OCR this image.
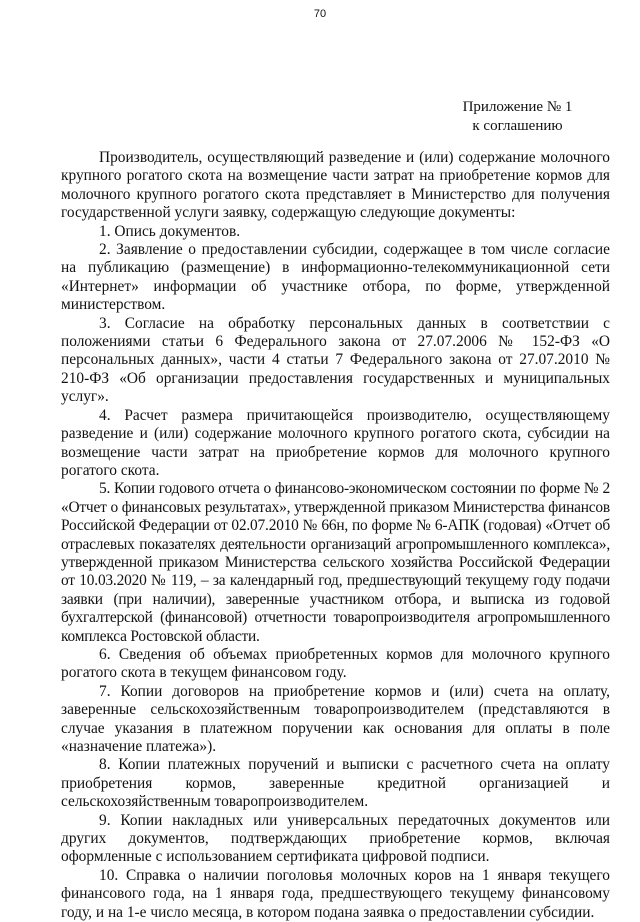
70
Приложение № 1
к соглашению

Производитель, осуществляющий разведение и (или) содержание молочного крупного рогатого скота на возмещение части затрат на приобретение кормов для молочного крупного рогатого скота представляет в Министерство для получения государственной услуги заявку, содержащую следующие документы:

1. Опись документов.

2. Заявление о предоставлении субсидии, содержащее в том числе согласие на публикацию (размещение) в информационно-телекоммуникационной сети «Интернет» информации об участнике отбора, по форме, утвержденной министерством.

3. Согласие на обработку персональных данных в соответствии с положениями статьи 6 Федерального закона от 27.07.2006 № 152-ФЗ «О персональных данных», части 4 статьи 7 Федерального закона от 27.07.2010 № 210-ФЗ «Об организации предоставления государственных и муниципальных услуг».

4. Расчет размера причитающейся производителю, осуществляющему разведение и (или) содержание молочного крупного рогатого скота, субсидии на возмещение части затрат на приобретение кормов для молочного крупного рогатого скота.

5. Копии годового отчета о финансово-экономическом состоянии по форме № 2 «Отчет о финансовых результатах», утвержденной приказом Министерства финансов Российской Федерации от 02.07.2010 № 66н, по форме № 6-АПК (годовая) «Отчет об отраслевых показателях деятельности организаций агропромышленного комплекса», утвержденной приказом Министерства сельского хозяйства Российской Федерации от 10.03.2020 № 119, – за календарный год, предшествующий текущему году подачи заявки (при наличии), заверенные участником отбора, и выписка из годовой бухгалтерской (финансовой) отчетности товаропроизводителя агропромышленного комплекса Ростовской области.

6. Сведения об объемах приобретенных кормов для молочного крупного рогатого скота в текущем финансовом году.

7. Копии договоров на приобретение кормов и (или) счета на оплату, заверенные сельскохозяйственным товаропроизводителем (представляются в случае указания в платежном поручении как основания для оплаты в поле «назначение платежа»).

8. Копии платежных поручений и выписки с расчетного счета на оплату приобретения кормов, заверенные кредитной организацией и сельскохозяйственным товаропроизводителем.

9. Копии накладных или универсальных передаточных документов или других документов, подтверждающих приобретение кормов, включая оформленные с использованием сертификата цифровой подписи.

10. Справка о наличии поголовья молочных коров на 1 января текущего финансового года, на 1 января года, предшествующего текущему финансовому году, и на 1-е число месяца, в котором подана заявка о предоставлении субсидии.
